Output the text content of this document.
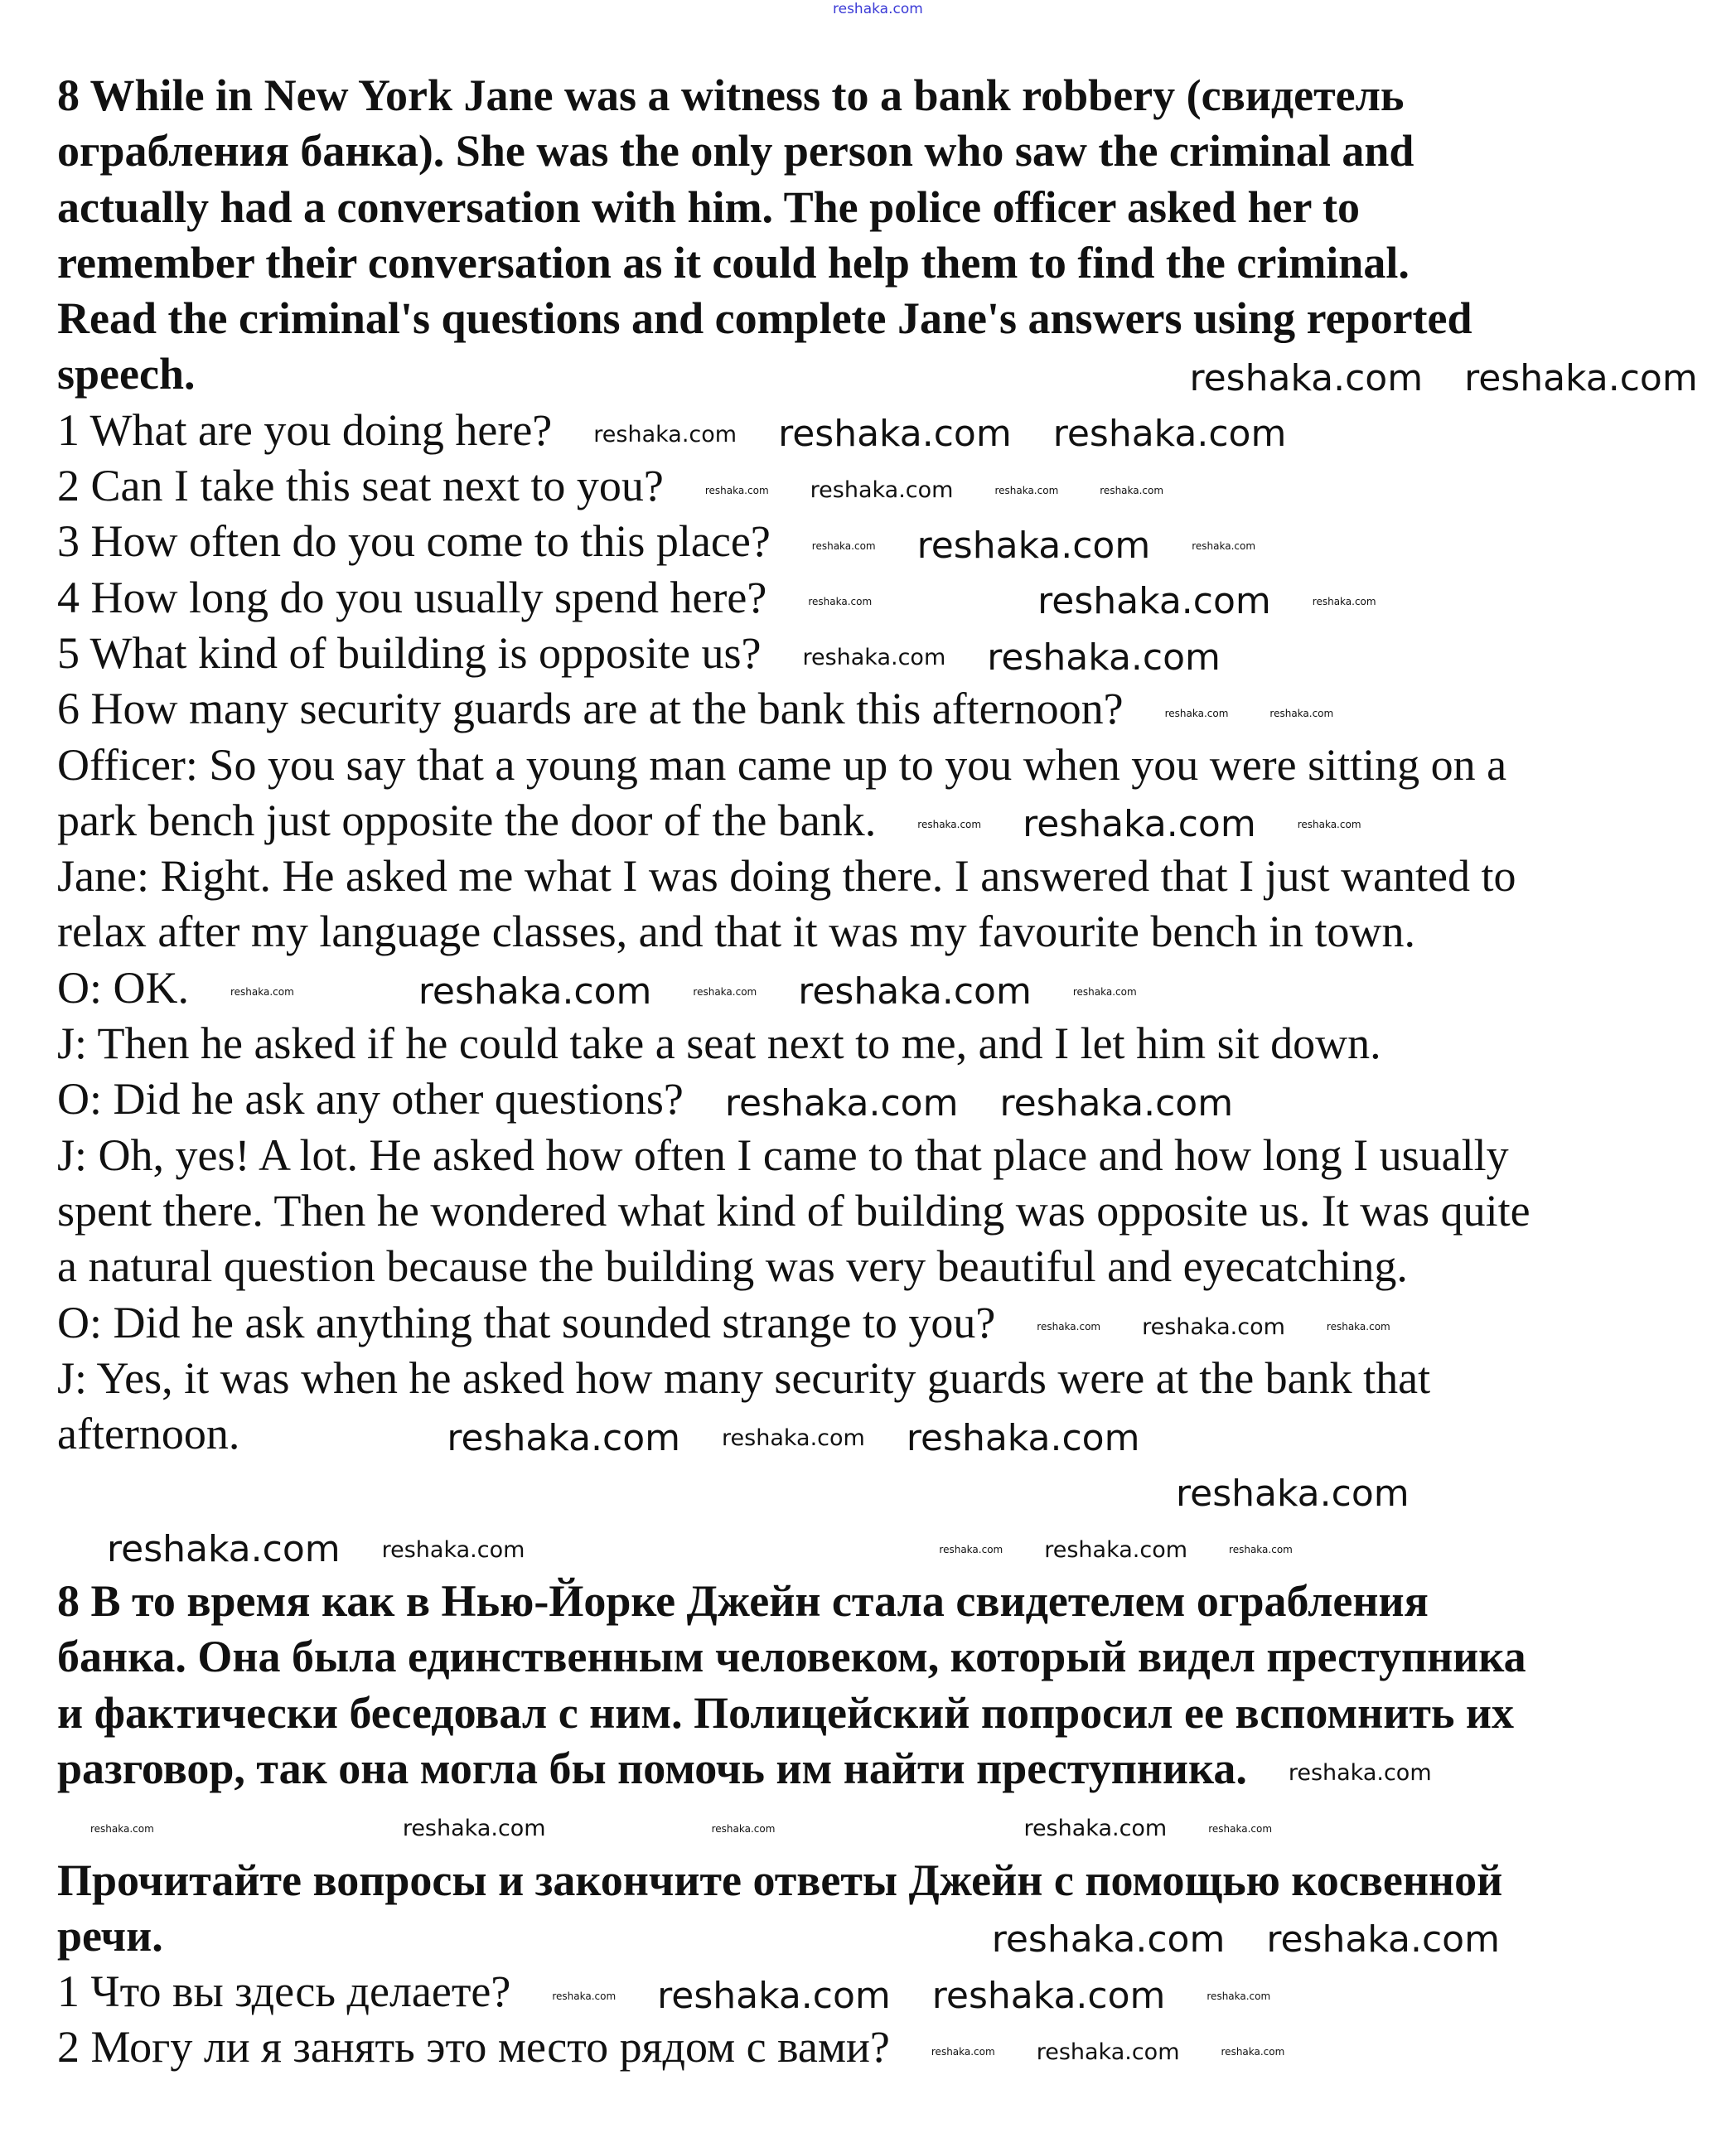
reshaka.com
8 While in New York Jane was a witness to a bank robbery (свидетель
ограбления банка). She was the only person who saw the criminal and
actually had a conversation with him. The police officer asked her to
remember their conversation as it could help them to find the criminal.
Read the criminal's questions and complete Jane's answers using reported
speech.	reshaka.com reshaka.com
1 What are you doing here? reshaka.com reshaka.com reshaka.com
2 Can I take this seat next to you?	reshaka.com reshaka.com	reshaka.com	reshaka.com
3 How often do you come to this place?	reshaka.com reshaka.com	reshaka.com
4 How long do you usually spend here?	reshaka.com	reshaka.com	reshaka.com
5 What kind of building is opposite us? reshaka.com reshaka.com
6 How many security guards are at the bank this afternoon?	reshaka.com	reshaka.com
Officer: So you say that a young man came up to you when you were sitting on a
park bench just opposite the door of the bank.	reshaka.com reshaka.com	reshaka.com
Jane: Right. He asked me what I was doing there. I answered that I just wanted to
relax after my language classes, and that it was my favourite bench in town.
O: OK.	reshaka.com	reshaka.com	reshaka.com reshaka.com	reshaka.com
J: Then he asked if he could take a seat next to me, and I let him sit down.
O: Did he ask any other questions? reshaka.com reshaka.com
J: Oh, yes! A lot. He asked how often I came to that place and how long I usually
spent there. Then he wondered what kind of building was opposite us. It was quite
a natural question because the building was very beautiful and eyecatching.
O: Did he ask anything that sounded strange to you?	reshaka.com reshaka.com	reshaka.com
J: Yes, it was when he asked how many security guards were at the bank that
afternoon.	reshaka.com reshaka.com reshaka.com
reshaka.com
reshaka.com reshaka.com	reshaka.com reshaka.com	reshaka.com
8 В то время как в Нью-Йорке Джейн стала свидетелем ограбления
банка. Она была единственным человеком, который видел преступника
и фактически беседовал с ним. Полицейский попросил ее вспомнить их
разговор, так она могла бы помочь им найти преступника. reshaka.com
reshaka.com	reshaka.com	reshaka.com	reshaka.com	reshaka.com
Прочитайте вопросы и закончите ответы Джейн с помощью косвенной
речи.	reshaka.com reshaka.com
1 Что вы здесь делаете?	reshaka.com reshaka.com reshaka.com	reshaka.com
2 Могу ли я занять это место рядом с вами?	reshaka.com reshaka.com	reshaka.com
